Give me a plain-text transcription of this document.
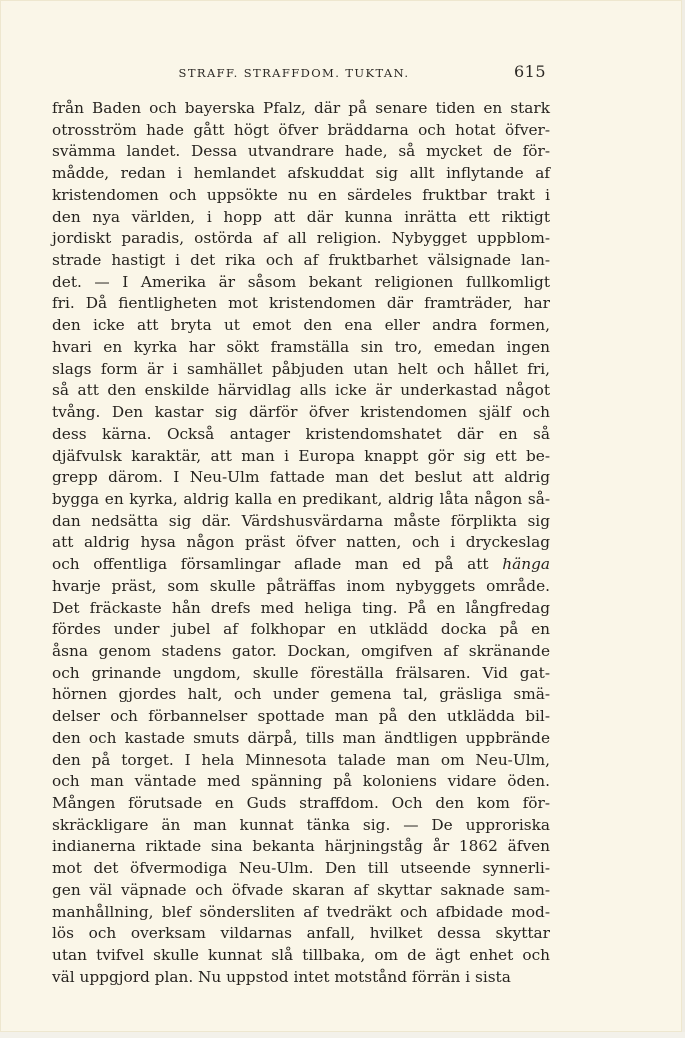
STRAFF. STRAFFDOM. TUKTAN.	615
från Baden och bayerska Pfalz, där på senare tiden en stark
otrosström hade gått högt öfver bräddarna och hotat öfver-
svämma landet. Dessa utvandrare hade, så mycket de för-
mådde, redan i hemlandet afskuddat sig allt inflytande af
kristendomen och uppsökte nu en särdeles fruktbar trakt i
den nya världen, i hopp att där kunna inrätta ett riktigt
jordiskt paradis, ostörda af all religion. Nybygget uppblom-
strade hastigt i det rika och af fruktbarhet välsignade lan-
det. — I Amerika är såsom bekant religionen fullkomligt
fri. Då fientligheten mot kristendomen där framträder, har
den icke att bryta ut emot den ena eller andra formen,
hvari en kyrka har sökt framställa sin tro, emedan ingen
slags form är i samhället påbjuden utan helt och hållet fri,
så att den enskilde härvidlag alls icke är underkastad något
tvång. Den kastar sig därför öfver kristendomen själf och
dess kärna. Också antager kristendomshatet där en så
djäfvulsk karaktär, att man i Europa knappt gör sig ett be-
grepp därom. I Neu-Ulm fattade man det beslut att aldrig
bygga en kyrka, aldrig kalla en predikant, aldrig låta någon så-
dan nedsätta sig där. Värdshusvärdarna måste förplikta sig
att aldrig hysa någon präst öfver natten, och i dryckeslag
och offentliga församlingar aflade man ed på att hänga
hvarje präst, som skulle påträffas inom nybyggets område.
Det fräckaste hån drefs med heliga ting. På en långfredag
fördes under jubel af folkhopar en utklädd docka på en
åsna genom stadens gator. Dockan, omgifven af skränande
och grinande ungdom, skulle föreställa frälsaren. Vid gat-
hörnen gjordes halt, och under gemena tal, gräsliga smä-
delser och förbannelser spottade man på den utklädda bil-
den och kastade smuts därpå, tills man ändtligen uppbrände
den på torget. I hela Minnesota talade man om Neu-Ulm,
och man väntade med spänning på koloniens vidare öden.
Mången förutsade en Guds straffdom. Och den kom för-
skräckligare än man kunnat tänka sig. — De upproriska
indianerna riktade sina bekanta härjningståg år 1862 äfven
mot det öfvermodiga Neu-Ulm. Den till utseende synnerli-
gen väl väpnade och öfvade skaran af skyttar saknade sam-
manhållning, blef söndersliten af tvedräkt och afbidade mod-
lös och overksam vildarnas anfall, hvilket dessa skyttar
utan tvifvel skulle kunnat slå tillbaka, om de ägt enhet och
väl uppgjord plan. Nu uppstod intet motstånd förrän i sista
